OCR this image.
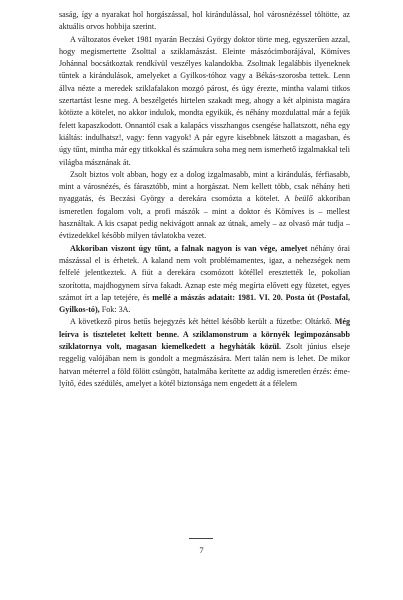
saság, így a nyarakat hol horgászással, hol kirándulással, hol városnézéssel töltötte, az aktuális orvos hobbija szerint.

A változatos éveket 1981 nyarán Beczási György doktor törte meg, egyszerűen azzal, hogy megismertette Zsolttal a sziklamászást. Eleinte mászócimborájával, Kömíves Johánnal bocsátkoztak rendkívül veszélyes kalandokba. Zsoltnak legalábbis ilyeneknek tűntek a kirándulások, amelyeket a Gyilkos-tóhoz vagy a Békás-szorosba tettek. Lenn állva nézte a meredek sziklafalakon mozgó párost, és úgy érezte, mintha valami titkos szertartást lesne meg. A beszélgetés hirtelen szakadt meg, ahogy a két alpinista magára kötözte a kötelet, no akkor indulok, mondta egyikük, és néhány mozdulattal már a fejük felett kapaszkodott. Onnantól csak a kalapács visszhangos csengése hallatszott, néha egy kiáltás: indulhatsz!, vagy: fenn vagyok! A pár egyre kisebbnek látszott a magasban, és úgy tűnt, mintha már egy titkokkal és számukra soha meg nem ismerhető izgalmakkal teli világba másznának át.

Zsolt biztos volt abban, hogy ez a dolog izgalmasabb, mint a kirándulás, férfiasabb, mint a városnézés, és fárasztóbb, mint a horgászat. Nem kellett több, csak néhány heti nyaggatás, és Beczási György a derekára csomózta a kötelet. A beülő akkoriban ismeretlen fogalom volt, a profi mászók – mint a doktor és Kömíves is – mellest használtak. A kis csapat pedig nekivágott annak az útnak, amely – az olvasó már tudja – évtizedekkel később milyen távlatokba vezet.

Akkoriban viszont úgy tűnt, a falnak nagyon is van vége, amelyet néhány órai mászással el is érhetek. A kaland nem volt problémamentes, igaz, a nehezségek nem felfelé jelentkeztek. A fiút a derekára csomózott kötéllel eresztették le, pokolian szorította, majdhogynem sírva fakadt. Aznap este még megírta elővett egy füzetet, egyes számot írt a lap tetejére, és mellé a mászás adatait: 1981. VI. 20. Posta út (Postafal, Gyilkos-tó), Fok: 3A.

A következő piros betűs bejegyzés két héttel később került a füzetbe: Oltárkő. Még leírva is tiszteletet keltett benne. A sziklamonstrum a környék legimpozánsabb sziklatornya volt, magasan kiemelkedett a hegyháták közül. Zsolt június elseje reggelig valójában nem is gondolt a megmászására. Mert talán nem is lehet. De mikor hatvan méterrel a föld fölött csüngött, hatalmába kerítette az addig ismeretlen érzés: émelyítő, édes szédülés, amelyet a kötél biztonsága nem engedett át a félelem

7
